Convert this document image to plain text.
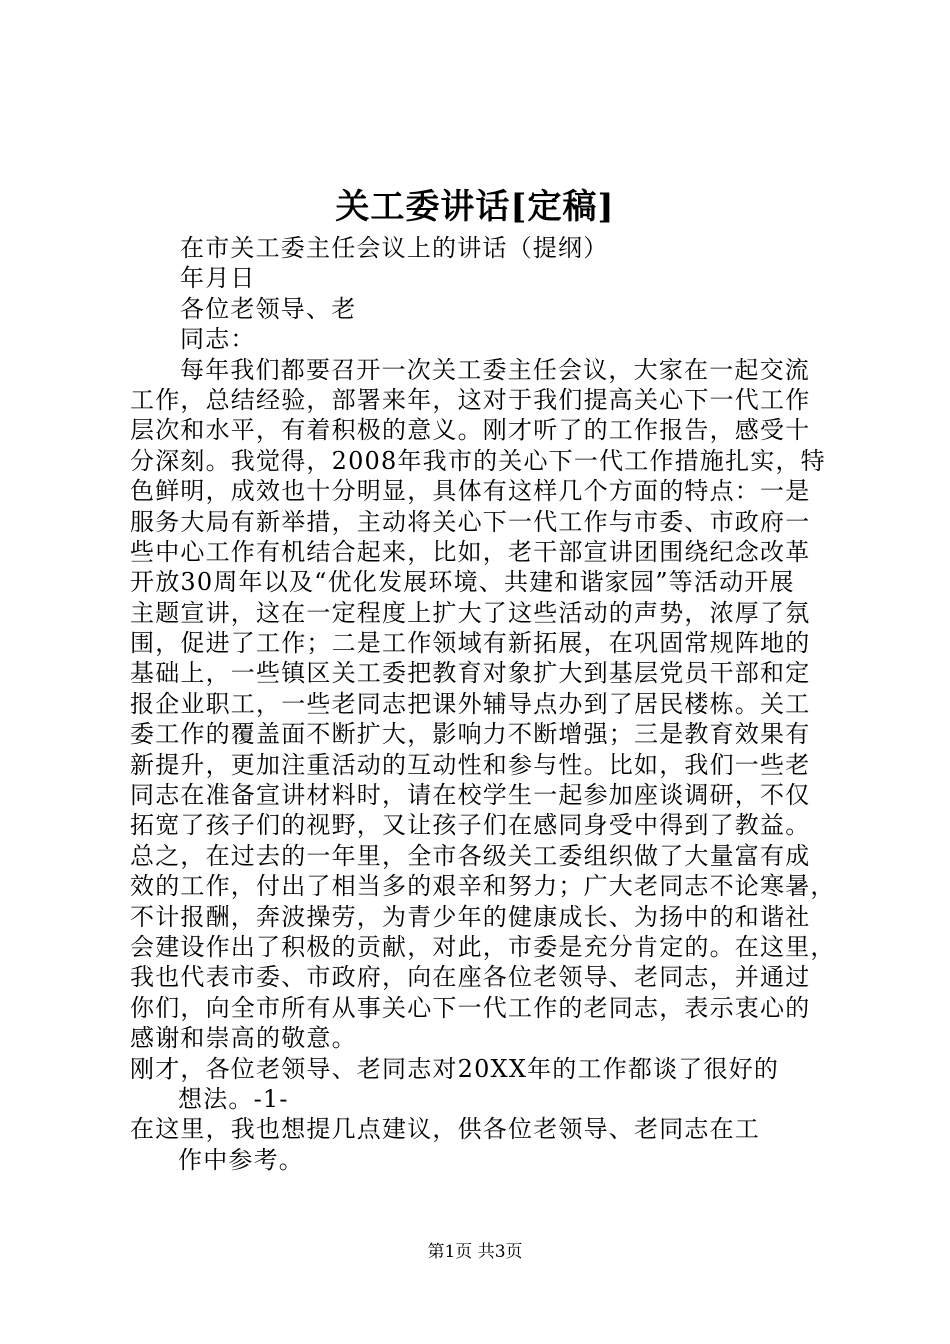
关工委讲话[定稿]
在市关工委主任会议上的讲话（提纲）
年月日
各位老领导、老
同志：
每年我们都要召开一次关工委主任会议，大家在一起交流
工作，总结经验，部署来年，这对于我们提高关心下一代工作
层次和水平，有着积极的意义。刚才听了的工作报告，感受十
分深刻。我觉得，2008年我市的关心下一代工作措施扎实，特
色鲜明，成效也十分明显，具体有这样几个方面的特点：一是
服务大局有新举措，主动将关心下一代工作与市委、市政府一
些中心工作有机结合起来，比如，老干部宣讲团围绕纪念改革
开放30周年以及“优化发展环境、共建和谐家园”等活动开展
主题宣讲，这在一定程度上扩大了这些活动的声势，浓厚了氛
围，促进了工作；二是工作领域有新拓展，在巩固常规阵地的
基础上，一些镇区关工委把教育对象扩大到基层党员干部和定
报企业职工，一些老同志把课外辅导点办到了居民楼栋。关工
委工作的覆盖面不断扩大，影响力不断增强；三是教育效果有
新提升，更加注重活动的互动性和参与性。比如，我们一些老
同志在准备宣讲材料时，请在校学生一起参加座谈调研，不仅
拓宽了孩子们的视野，又让孩子们在感同身受中得到了教益。
总之，在过去的一年里，全市各级关工委组织做了大量富有成
效的工作，付出了相当多的艰辛和努力；广大老同志不论寒暑，
不计报酬，奔波操劳，为青少年的健康成长、为扬中的和谐社
会建设作出了积极的贡献，对此，市委是充分肯定的。在这里，
我也代表市委、市政府，向在座各位老领导、老同志，并通过
你们，向全市所有从事关心下一代工作的老同志，表示衷心的
感谢和崇高的敬意。
刚才，各位老领导、老同志对20XX年的工作都谈了很好的
想法。-1-
在这里，我也想提几点建议，供各位老领导、老同志在工
作中参考。
第1页 共3页
